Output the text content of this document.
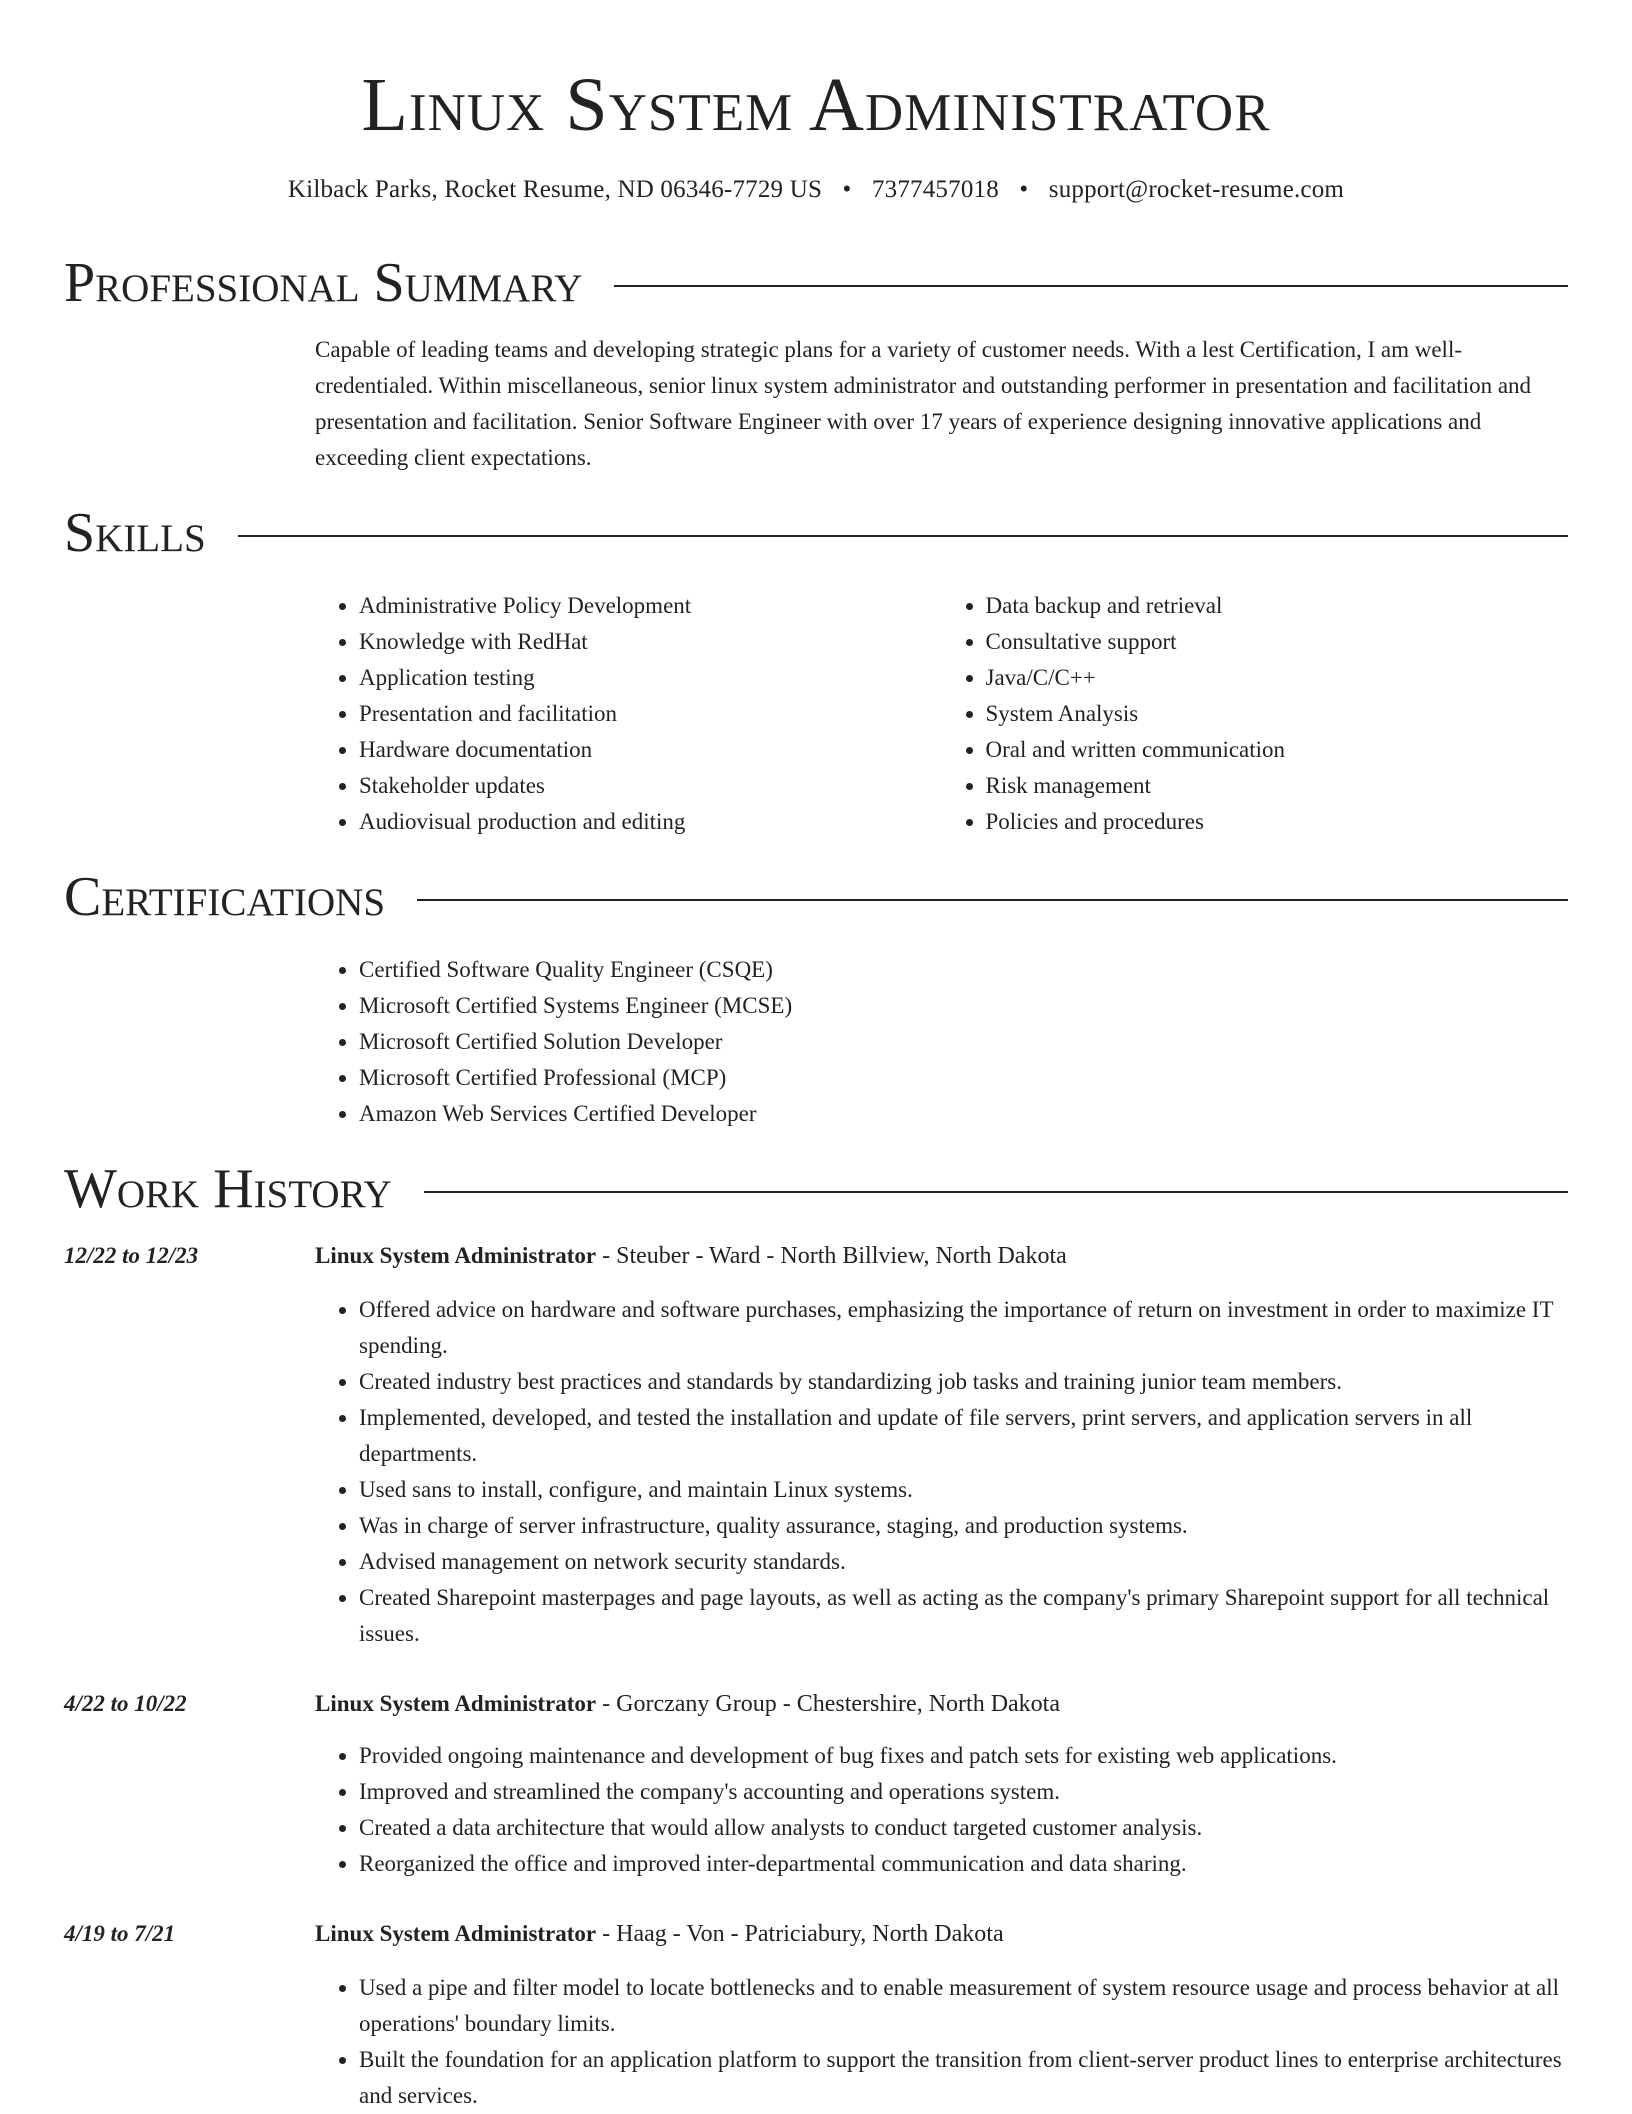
Linux System Administrator
Kilback Parks, Rocket Resume, ND 06346-7729 US • 7377457018 • support@rocket-resume.com
Professional Summary

Capable of leading teams and developing strategic plans for a variety of customer needs. With a lest Certification, I am well-credentialed. Within miscellaneous, senior linux system administrator and outstanding performer in presentation and facilitation and presentation and facilitation. Senior Software Engineer with over 17 years of experience designing innovative applications and exceeding client expectations.

Skills
• Administrative Policy Development
• Knowledge with RedHat
• Application testing
• Presentation and facilitation
• Hardware documentation
• Stakeholder updates
• Audiovisual production and editing
• Data backup and retrieval
• Consultative support
• Java/C/C++
• System Analysis
• Oral and written communication
• Risk management
• Policies and procedures
Certifications
• Certified Software Quality Engineer (CSQE)
• Microsoft Certified Systems Engineer (MCSE)
• Microsoft Certified Solution Developer
• Microsoft Certified Professional (MCP)
• Amazon Web Services Certified Developer
Work History
12/22 to 12/23	Linux System Administrator - Steuber - Ward - North Billview, North Dakota
• Offered advice on hardware and software purchases, emphasizing the importance of return on investment in order to maximize IT spending.
• Created industry best practices and standards by standardizing job tasks and training junior team members.
• Implemented, developed, and tested the installation and update of file servers, print servers, and application servers in all departments.
• Used sans to install, configure, and maintain Linux systems.
• Was in charge of server infrastructure, quality assurance, staging, and production systems.
• Advised management on network security standards.
• Created Sharepoint masterpages and page layouts, as well as acting as the company's primary Sharepoint support for all technical issues.
4/22 to 10/22	Linux System Administrator - Gorczany Group - Chestershire, North Dakota
• Provided ongoing maintenance and development of bug fixes and patch sets for existing web applications.
• Improved and streamlined the company's accounting and operations system.
• Created a data architecture that would allow analysts to conduct targeted customer analysis.
• Reorganized the office and improved inter-departmental communication and data sharing.
4/19 to 7/21	Linux System Administrator - Haag - Von - Patriciabury, North Dakota
• Used a pipe and filter model to locate bottlenecks and to enable measurement of system resource usage and process behavior at all operations' boundary limits.
• Built the foundation for an application platform to support the transition from client-server product lines to enterprise architectures and services.
